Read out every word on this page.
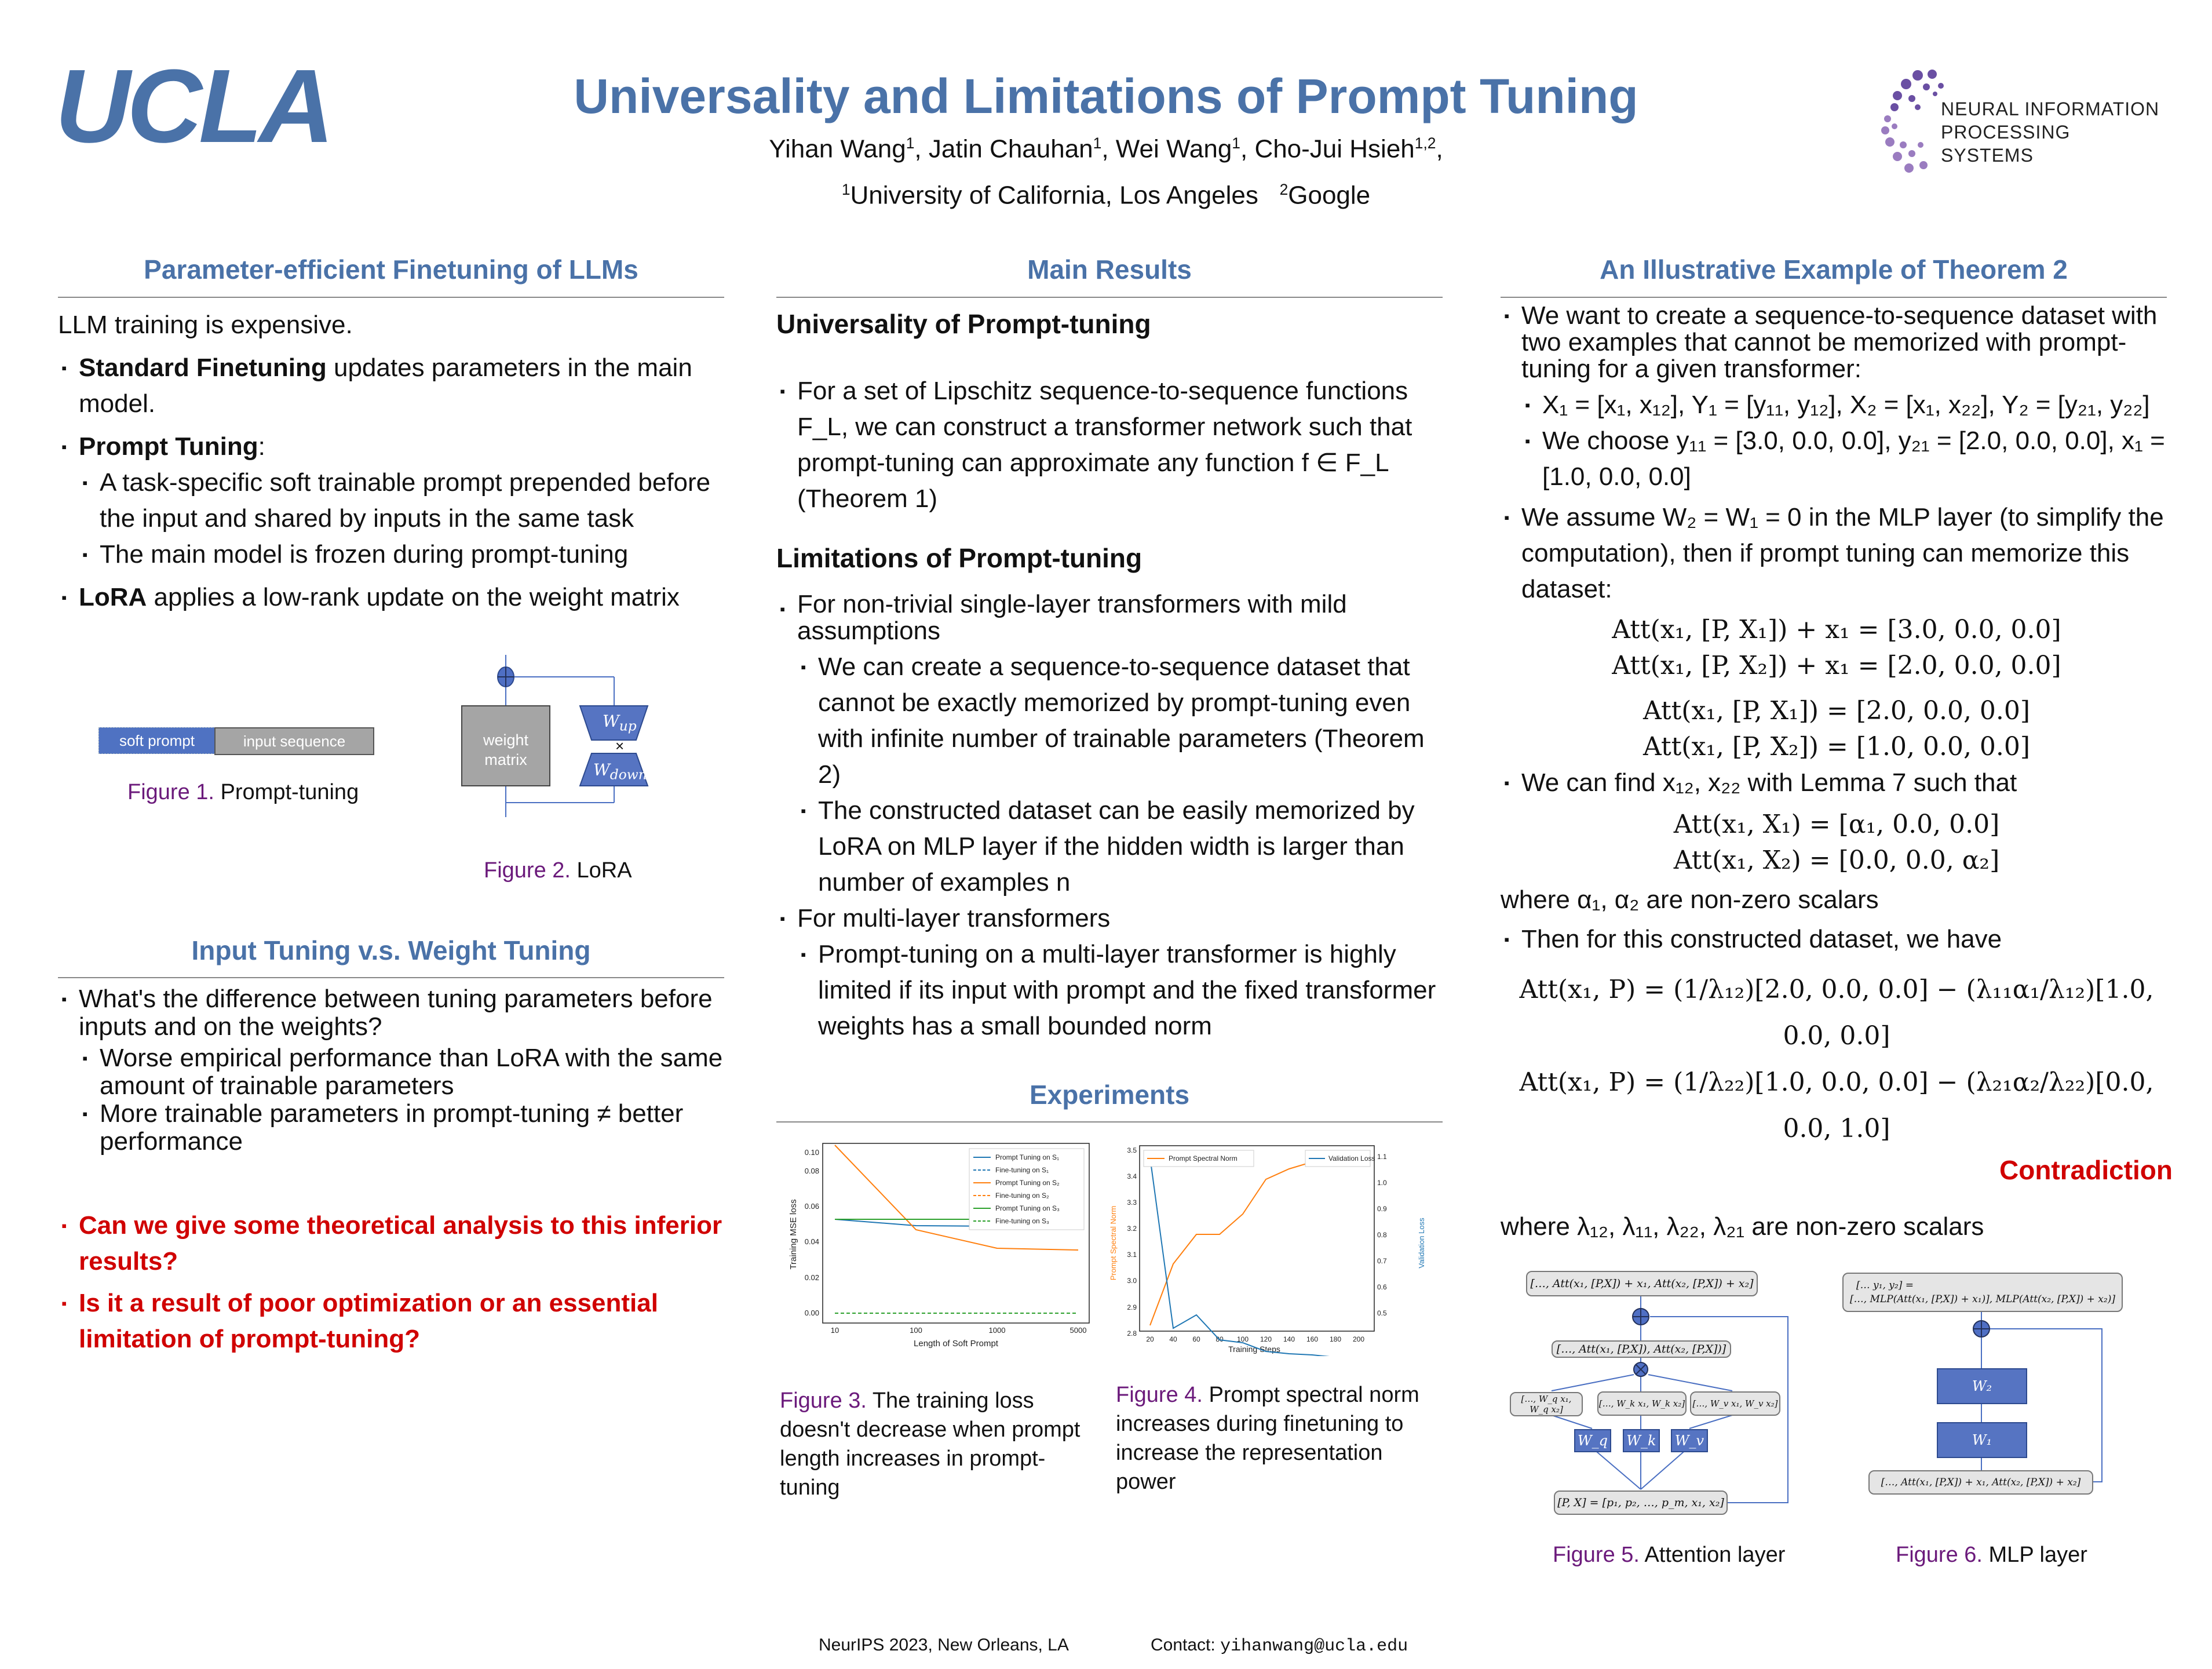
UCLA	Universality and Limitations of Prompt Tuning
Yihan Wang$^1$, Jatin Chauhan$^1$, Wei Wang$^1$, Cho-Jui Hsieh$^{1,2}$,
$^1$University of California, Los Angeles $^2$Google
NEURAL INFORMATION
PROCESSING SYSTEMS
Parameter-efficient Finetuning of LLMs
LLM training is expensive.
▪ Standard Finetuning updates parameters in the main model.
▪ Prompt Tuning:
▪ A task-specific soft trainable prompt prepended before the input and shared by inputs in the same task
▪ The main model is frozen during prompt-tuning
▪ LoRA applies a low-rank update on the weight matrix
soft prompt	input sequence
Figure 1. Prompt-tuning
weight
matrix
$W_{up}$
×
$W_{down}$
Figure 2. LoRA
Input Tuning v.s. Weight Tuning
▪ What's the difference between tuning parameters before inputs and on the weights?
▪ Worse empirical performance than LoRA with the same amount of trainable parameters
▪ More trainable parameters in prompt-tuning ≠ better performance
▪ Can we give some theoretical analysis to this inferior results?
▪ Is it a result of poor optimization or an essential limitation of prompt-tuning?
Main Results
Universality of Prompt-tuning
▪ For a set of Lipschitz sequence-to-sequence functions F_L, we can construct a transformer network such that prompt-tuning can approximate any function f ∈ F_L (Theorem 1)
Limitations of Prompt-tuning
▪ For non-trivial single-layer transformers with mild assumptions
▪ We can create a sequence-to-sequence dataset that cannot be exactly memorized by prompt-tuning even with infinite number of trainable parameters (Theorem 2)
▪ The constructed dataset can be easily memorized by LoRA on MLP layer if the hidden width is larger than number of examples n
▪ For multi-layer transformers
▪ Prompt-tuning on a multi-layer transformer is highly limited if its input with prompt and the fixed transformer weights has a small bounded norm
Experiments
0.00
0.02
0.04
0.06
0.08
0.10
10	100	1000	5000
Length of Soft Prompt
Training MSE loss
Prompt Tuning on S₁
Fine-tuning on S₁
Prompt Tuning on S₂
Fine-tuning on S₂
Prompt Tuning on S₃
Fine-tuning on S₃
3.5
3.4
3.3
3.2
3.1
3.0
2.9
2.8
1.1
1.0
0.9
0.8
0.7
0.6
0.5
20 40 60 80 100 120 140 160 180 200
Training Steps
Prompt Spectral Norm	Validation Loss
Prompt Spectral Norm	Validation Loss
Figure 3. The training loss doesn't decrease when prompt length increases in prompt-tuning
Figure 4. Prompt spectral norm increases during finetuning to increase the representation power
An Illustrative Example of Theorem 2
▪ We want to create a sequence-to-sequence dataset with two examples that cannot be memorized with prompt-tuning for a given transformer:
▪ X₁ = [x₁, x₁₂], Y₁ = [y₁₁, y₁₂], X₂ = [x₁, x₂₂], Y₂ = [y₂₁, y₂₂]
▪ We choose y₁₁ = [3.0, 0.0, 0.0], y₂₁ = [2.0, 0.0, 0.0], x₁ = [1.0, 0.0, 0.0]
▪ We assume W₂ = W₁ = 0 in the MLP layer (to simplify the computation), then if prompt tuning can memorize this dataset:
Att(x₁, [P, X₁]) + x₁ = [3.0, 0.0, 0.0]
Att(x₁, [P, X₂]) + x₁ = [2.0, 0.0, 0.0]
Att(x₁, [P, X₁]) = [2.0, 0.0, 0.0]
Att(x₁, [P, X₂]) = [1.0, 0.0, 0.0]
▪ We can find x₁₂, x₂₂ with Lemma 7 such that
Att(x₁, X₁) = [α₁, 0.0, 0.0]
Att(x₁, X₂) = [0.0, 0.0, α₂]
where α₁, α₂ are non-zero scalars
▪ Then for this constructed dataset, we have
Att(x₁, P) = (1/λ₁₂)[2.0, 0.0, 0.0] − (λ₁₁α₁/λ₁₂)[1.0, 0.0, 0.0]
Att(x₁, P) = (1/λ₂₂)[1.0, 0.0, 0.0] − (λ₂₁α₂/λ₂₂)[0.0, 0.0, 1.0]
Contradiction
where λ₁₂, λ₁₁, λ₂₂, λ₂₁ are non-zero scalars
[…, Att(x₁, [P,X]) + x₁, Att(x₂, [P,X]) + x₂]
[…, Att(x₁, [P,X]), Att(x₂, [P,X])]
[…, W_q x₁, W_q x₂]
[…, W_k x₁, W_k x₂] […, W_v x₁, W_v x₂]
W_q W_k W_v
[P, X] = [p₁, p₂, …, p_m, x₁, x₂]
Figure 5. Attention layer
[… y₁, y₂] =
[…, MLP(Att(x₁, [P,X]) + x₁)], MLP(Att(x₂, [P,X]) + x₂)]
W₂
W₁
[…, Att(x₁, [P,X]) + x₁, Att(x₂, [P,X]) + x₂]
Figure 6. MLP layer
NeurIPS 2023, New Orleans, LA	Contact: yihanwang@ucla.edu
